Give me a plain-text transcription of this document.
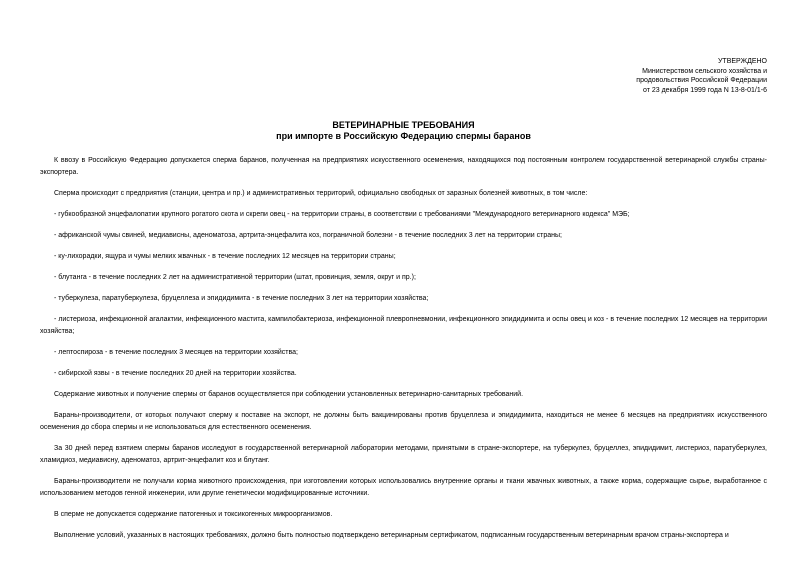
УТВЕРЖДЕНО
Министерством сельского хозяйства и
продовольствия Российской Федерации
от 23 декабря 1999 года N 13-8-01/1-6
ВЕТЕРИНАРНЫЕ ТРЕБОВАНИЯ
при импорте в Российскую Федерацию спермы баранов

К ввозу в Российскую Федерацию допускается сперма баранов, полученная на предприятиях искусственного осеменения, находящихся под постоянным контролем государственной ветеринарной службы страны-экспортера.

Сперма происходит с предприятия (станции, центра и пр.) и административных территорий, официально свободных от заразных болезней животных, в том числе:

- губкообразной энцефалопатии крупного рогатого скота и скрепи овец - на территории страны, в соответствии с требованиями "Международного ветеринарного кодекса" МЭБ;

- африканской чумы свиней, медиависны, аденоматоза, артрита-энцефалита коз, пограничной болезни - в течение последних 3 лет на территории страны;

- ку-лихорадки, ящура и чумы мелких жвачных - в течение последних 12 месяцев на территории страны;

- блутанга - в течение последних 2 лет на административной территории (штат, провинция, земля, округ и пр.);

- туберкулеза, паратуберкулеза, бруцеллеза и эпидидимита - в течение последних 3 лет на территории хозяйства;

- листериоза, инфекционной агалактии, инфекционного мастита, кампилобактериоза, инфекционной плевропневмонии, инфекционного эпидидимита и оспы овец и коз - в течение последних 12 месяцев на территории хозяйства;

- лептоспироза - в течение последних 3 месяцев на территории хозяйства;

- сибирской язвы - в течение последних 20 дней на территории хозяйства.

Содержание животных и получение спермы от баранов осуществляется при соблюдении установленных ветеринарно-санитарных требований.

Бараны-производители, от которых получают сперму к поставке на экспорт, не должны быть вакцинированы против бруцеллеза и эпидидимита, находиться не менее 6 месяцев на предприятиях искусственного осеменения до сбора спермы и не использоваться для естественного осеменения.

За 30 дней перед взятием спермы баранов исследуют в государственной ветеринарной лаборатории методами, принятыми в стране-экспортере, на туберкулез, бруцеллез, эпидидимит, листериоз, паратуберкулез, хламидиоз, медиависну, аденоматоз, артрит-энцефалит коз и блутанг.

Бараны-производители не получали корма животного происхождения, при изготовлении которых использовались внутренние органы и ткани жвачных животных, а также корма, содержащие сырье, выработанное с использованием методов генной инженерии, или другие генетически модифицированные источники.

В сперме не допускается содержание патогенных и токсикогенных микроорганизмов.

Выполнение условий, указанных в настоящих требованиях, должно быть полностью подтверждено ветеринарным сертификатом, подписанным государственным ветеринарным врачом страны-экспортера и
